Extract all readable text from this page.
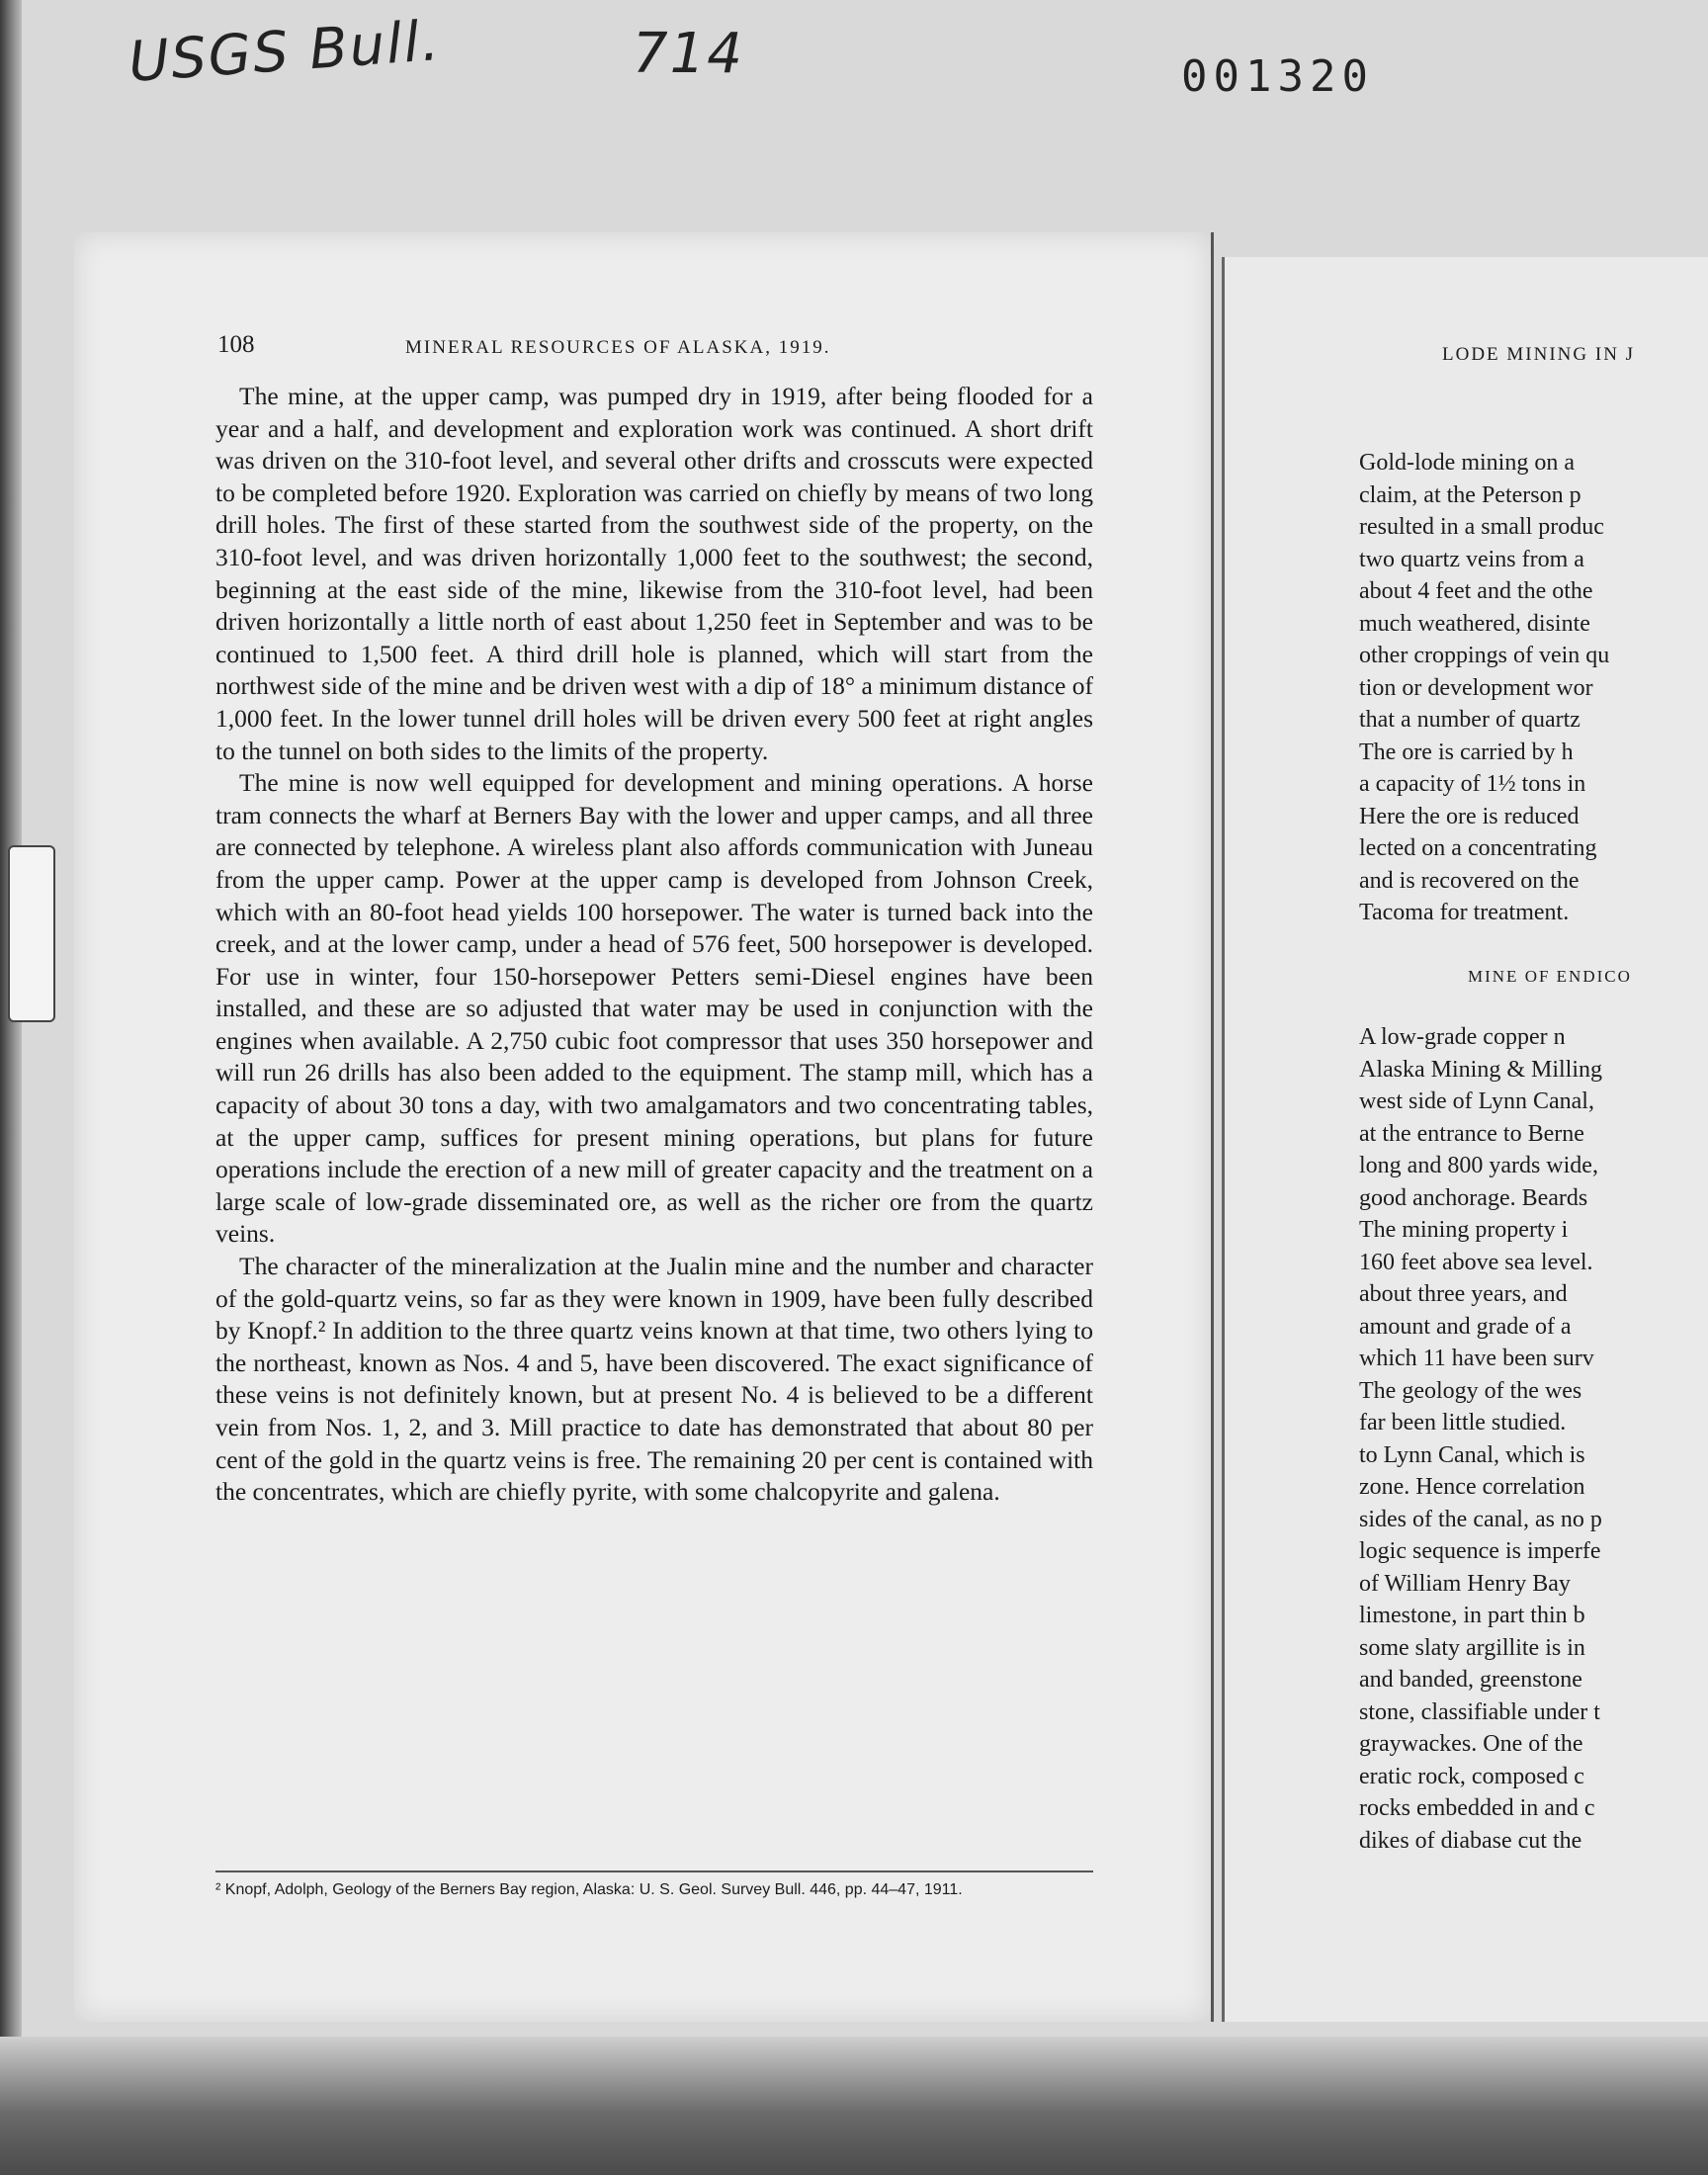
USGS Bull.	714	001320
108	MINERAL RESOURCES OF ALASKA, 1919.

The mine, at the upper camp, was pumped dry in 1919, after being flooded for a year and a half, and development and exploration work was continued. A short drift was driven on the 310-foot level, and several other drifts and crosscuts were expected to be completed before 1920. Exploration was carried on chiefly by means of two long drill holes. The first of these started from the southwest side of the property, on the 310-foot level, and was driven horizontally 1,000 feet to the southwest; the second, beginning at the east side of the mine, likewise from the 310-foot level, had been driven horizontally a little north of east about 1,250 feet in September and was to be continued to 1,500 feet. A third drill hole is planned, which will start from the northwest side of the mine and be driven west with a dip of 18° a minimum distance of 1,000 feet. In the lower tunnel drill holes will be driven every 500 feet at right angles to the tunnel on both sides to the limits of the property.

The mine is now well equipped for development and mining operations. A horse tram connects the wharf at Berners Bay with the lower and upper camps, and all three are connected by telephone. A wireless plant also affords communication with Juneau from the upper camp. Power at the upper camp is developed from Johnson Creek, which with an 80-foot head yields 100 horsepower. The water is turned back into the creek, and at the lower camp, under a head of 576 feet, 500 horsepower is developed. For use in winter, four 150-horsepower Petters semi-Diesel engines have been installed, and these are so adjusted that water may be used in conjunction with the engines when available. A 2,750 cubic foot compressor that uses 350 horsepower and will run 26 drills has also been added to the equipment. The stamp mill, which has a capacity of about 30 tons a day, with two amalgamators and two concentrating tables, at the upper camp, suffices for present mining operations, but plans for future operations include the erection of a new mill of greater capacity and the treatment on a large scale of low-grade disseminated ore, as well as the richer ore from the quartz veins.

The character of the mineralization at the Jualin mine and the number and character of the gold-quartz veins, so far as they were known in 1909, have been fully described by Knopf.² In addition to the three quartz veins known at that time, two others lying to the northeast, known as Nos. 4 and 5, have been discovered. The exact significance of these veins is not definitely known, but at present No. 4 is believed to be a different vein from Nos. 1, 2, and 3. Mill practice to date has demonstrated that about 80 per cent of the gold in the quartz veins is free. The remaining 20 per cent is contained with the concentrates, which are chiefly pyrite, with some chalcopyrite and galena.

² Knopf, Adolph, Geology of the Berners Bay region, Alaska: U. S. Geol. Survey Bull. 446, pp. 44–47, 1911.
LODE MINING IN J
Gold-lode mining on a
claim, at the Peterson p
resulted in a small produc
two quartz veins from a
about 4 feet and the othe
much weathered, disinte
other croppings of vein qu
tion or development wor
that a number of quartz
The ore is carried by h
a capacity of 1½ tons in
Here the ore is reduced
lected on a concentrating
and is recovered on the
Tacoma for treatment.
MINE OF ENDICO
A low-grade copper n
Alaska Mining & Milling
west side of Lynn Canal,
at the entrance to Berne
long and 800 yards wide,
good anchorage. Beards
The mining property i
160 feet above sea level.
about three years, and
amount and grade of a
which 11 have been surv
The geology of the wes
far been little studied.
to Lynn Canal, which is
zone. Hence correlation
sides of the canal, as no p
logic sequence is imperfe
of William Henry Bay
limestone, in part thin b
some slaty argillite is in
and banded, greenstone
stone, classifiable under t
graywackes. One of the
eratic rock, composed c
rocks embedded in and c
dikes of diabase cut the
